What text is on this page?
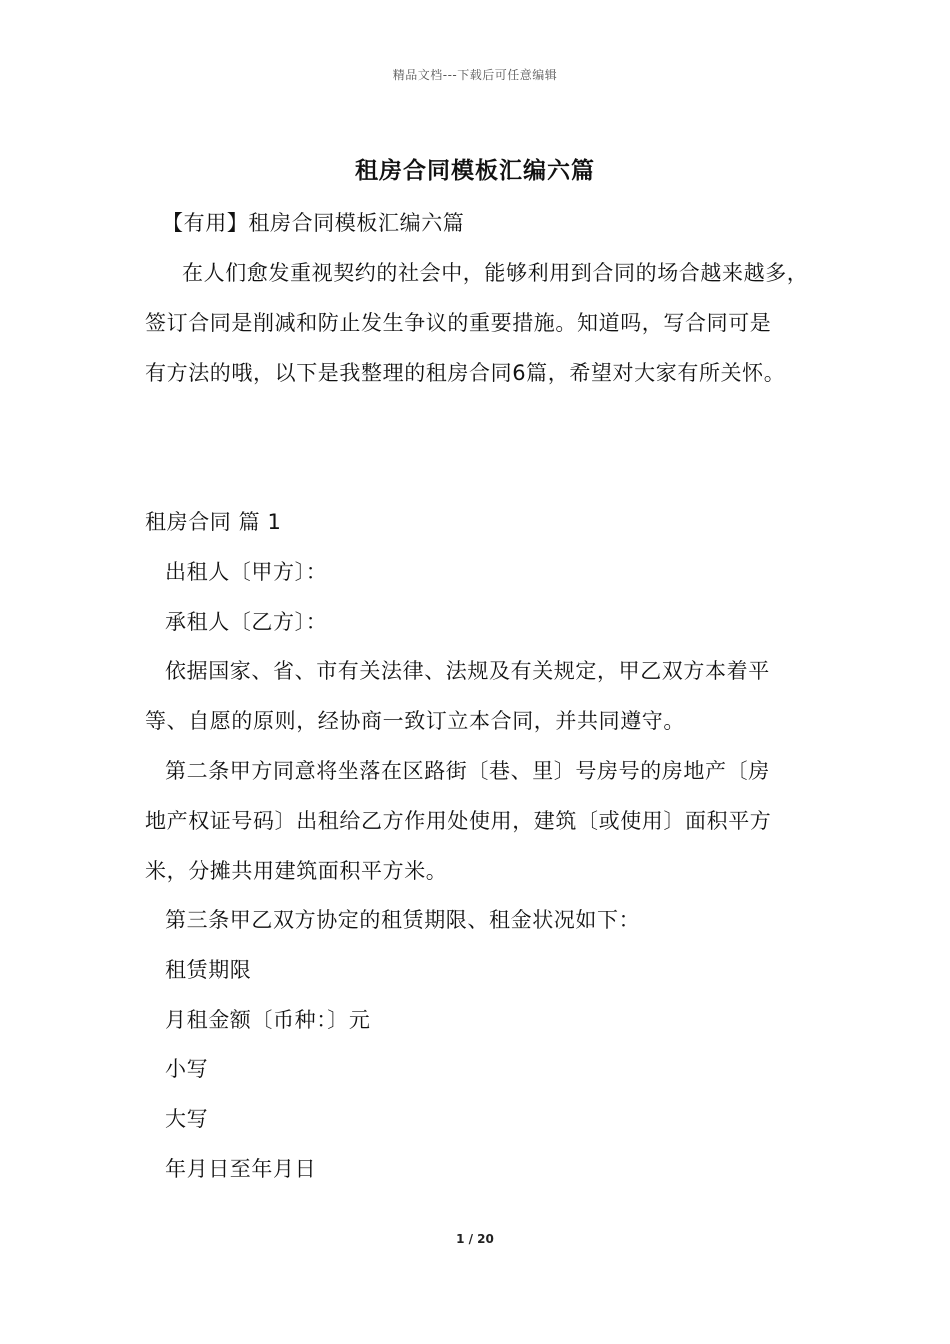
精品文档---下载后可任意编辑
租房合同模板汇编六篇
【有用】租房合同模板汇编六篇
在人们愈发重视契约的社会中，能够利用到合同的场合越来越多，
签订合同是削减和防止发生争议的重要措施。知道吗，写合同可是
有方法的哦，以下是我整理的租房合同6篇，希望对大家有所关怀。
租房合同 篇 1
出租人〔甲方〕：
承租人〔乙方〕：
依据国家、省、市有关法律、法规及有关规定，甲乙双方本着平
等、自愿的原则，经协商一致订立本合同，并共同遵守。
第二条甲方同意将坐落在区路街〔巷、里〕号房号的房地产〔房
地产权证号码〕出租给乙方作用处使用，建筑〔或使用〕面积平方
米，分摊共用建筑面积平方米。
第三条甲乙双方协定的租赁期限、租金状况如下：
租赁期限
月租金额〔币种：〕元
小写
大写
年月日至年月日
1 / 20
